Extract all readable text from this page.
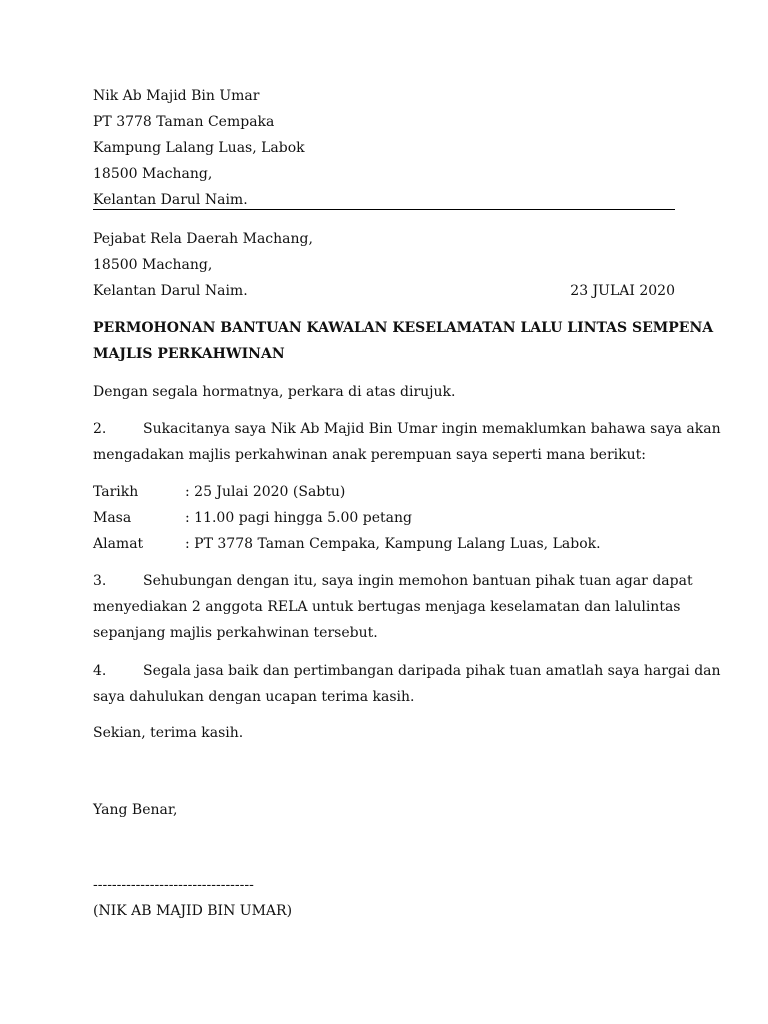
Nik Ab Majid Bin Umar
PT 3778 Taman Cempaka
Kampung Lalang Luas, Labok
18500 Machang,
Kelantan Darul Naim.
Pejabat Rela Daerah Machang,
18500 Machang,
Kelantan Darul Naim.	23 JULAI 2020
PERMOHONAN BANTUAN KAWALAN KESELAMATAN LALU LINTAS SEMPENA
MAJLIS PERKAHWINAN
Dengan segala hormatnya, perkara di atas dirujuk.
2.	Sukacitanya saya Nik Ab Majid Bin Umar ingin memaklumkan bahawa saya akan
mengadakan majlis perkahwinan anak perempuan saya seperti mana berikut:
Tarikh	: 25 Julai 2020 (Sabtu)
Masa	: 11.00 pagi hingga 5.00 petang
Alamat	: PT 3778 Taman Cempaka, Kampung Lalang Luas, Labok.
3.	Sehubungan dengan itu, saya ingin memohon bantuan pihak tuan agar dapat
menyediakan 2 anggota RELA untuk bertugas menjaga keselamatan dan lalulintas
sepanjang majlis perkahwinan tersebut.
4.	Segala jasa baik dan pertimbangan daripada pihak tuan amatlah saya hargai dan
saya dahulukan dengan ucapan terima kasih.
Sekian, terima kasih.
Yang Benar,
----------------------------------
(NIK AB MAJID BIN UMAR)
